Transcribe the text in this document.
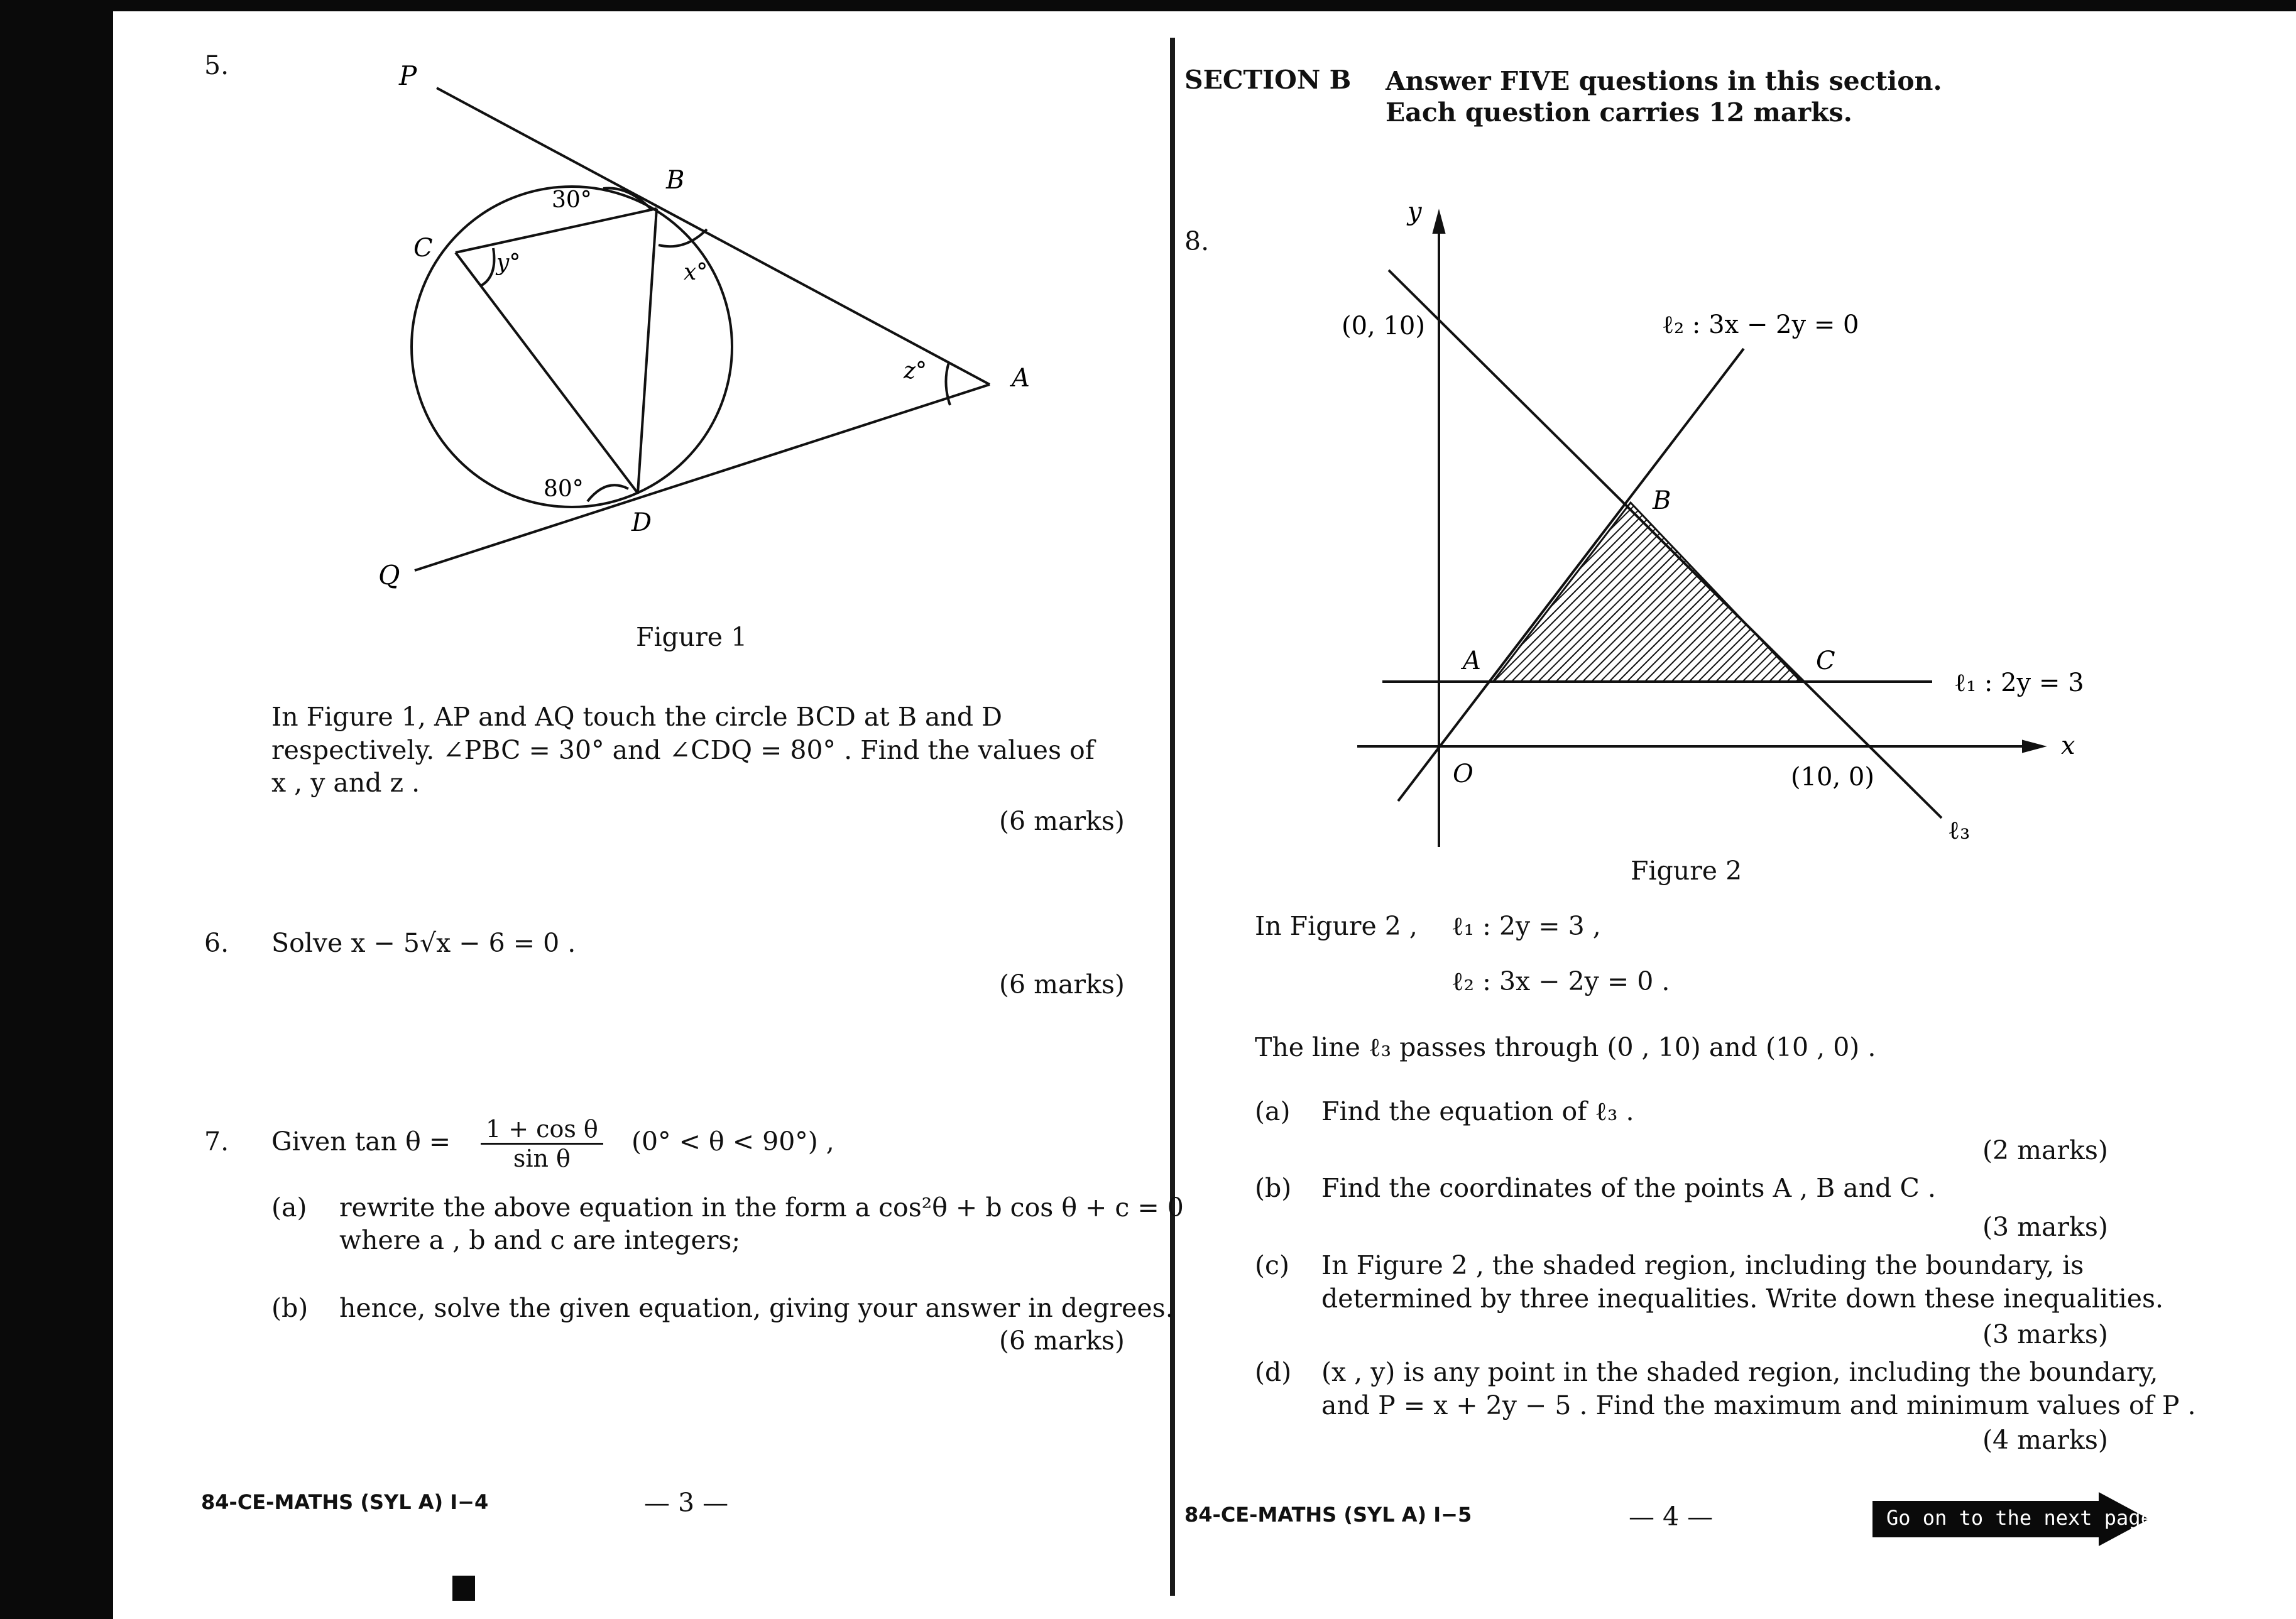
5.	P
B
C
A
D
Q
30°
x°
y°
z°
80°
Figure 1
In Figure 1, AP and AQ touch the circle BCD at B and D
respectively. ∠PBC = 30° and ∠CDQ = 80° . Find the values of
x , y and z .
(6 marks)
6. Solve x − 5√x − 6 = 0 .
(6 marks)
7. Given $\tan \theta = \frac{\text{1 + cos θ}}{\text{sin θ}} (0^\circ < \theta < 90^\circ)$ ,
(a) rewrite the above equation in the form a cos²θ + b cos θ + c = 0
where a , b and c are integers;
(b) hence, solve the given equation, giving your answer in degrees.
(6 marks)
84-CE-MATHS (SYL A) I−4	— 3 —
SECTION B Answer FIVE questions in this section.
Each question carries 12 marks.
8.
y
x
O
(0, 10)
(10, 0)
ℓ₂ : 3x − 2y = 0
ℓ₁ : 2y = 3
ℓ₃
A
B
C
Figure 2
In Figure 2 , ℓ₁ : 2y = 3 ,
ℓ₂ : 3x − 2y = 0 .
The line ℓ₃ passes through (0 , 10) and (10 , 0) .
(a) Find the equation of ℓ₃ .
(2 marks)
(b) Find the coordinates of the points A , B and C .
(3 marks)
(c) In Figure 2 , the shaded region, including the boundary, is
determined by three inequalities. Write down these inequalities.
(3 marks)
(d) (x , y) is any point in the shaded region, including the boundary,
and P = x + 2y − 5 . Find the maximum and minimum values of P .
(4 marks)
84-CE-MATHS (SYL A) I−5	— 4 —	Go on to the next page
